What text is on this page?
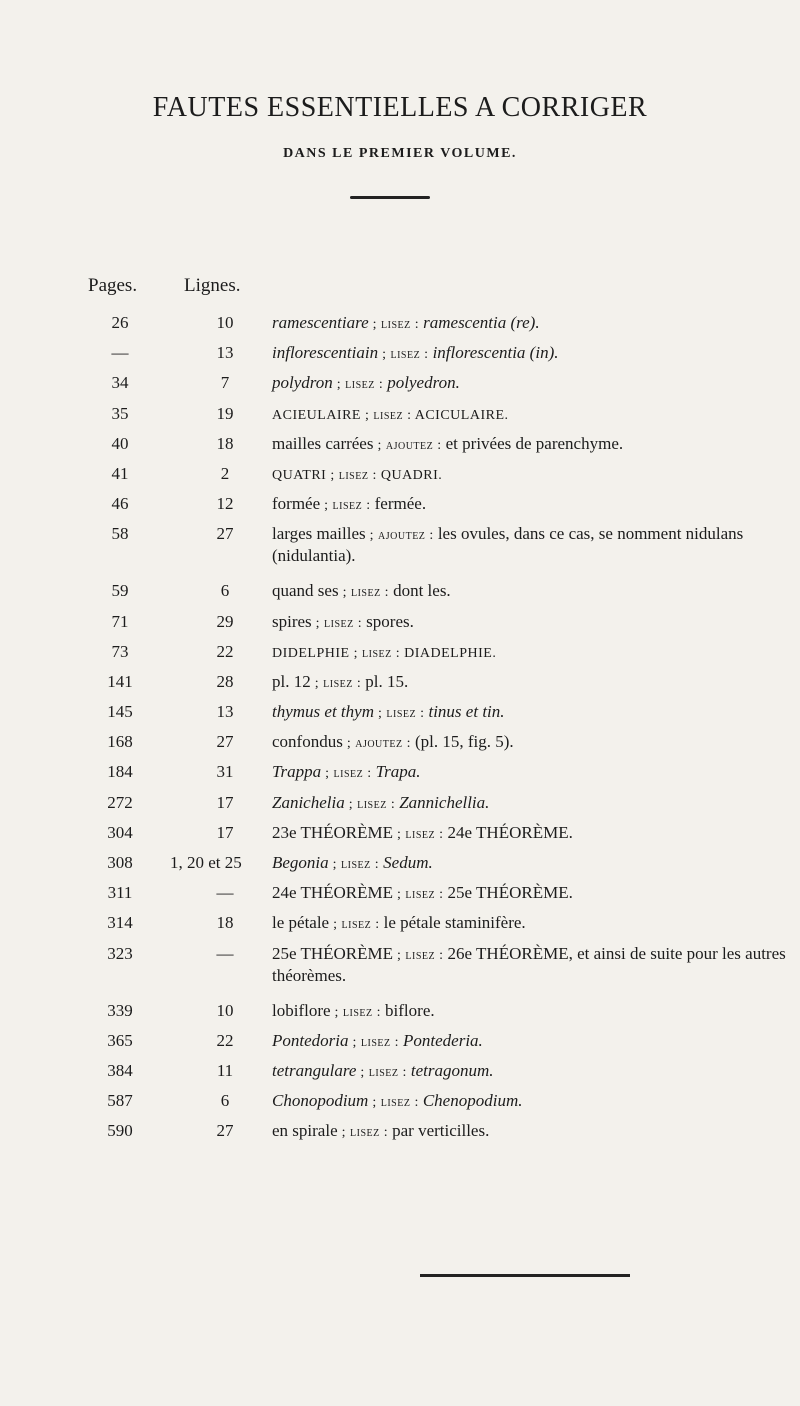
FAUTES ESSENTIELLES A CORRIGER
DANS LE PREMIER VOLUME.
Pages. Lignes.
26	10	ramescentiare ; lisez : ramescentia (re).
—	13	inflorescentiain ; lisez : inflorescentia (in).
34	7	polydron ; lisez : polyedron.
35	19	ACIEULAIRE ; lisez : ACICULAIRE.
40	18	mailles carrées ; ajoutez : et privées de parenchyme.
41	2	QUATRI ; lisez : QUADRI.
46	12	formée ; lisez : fermée.
58	27	larges mailles ; ajoutez : les ovules, dans ce cas, se nomment nidulans (nidulantia).
59	6	quand ses ; lisez : dont les.
71	29	spires ; lisez : spores.
73	22	DIDELPHIE ; lisez : DIADELPHIE.
141	28	pl. 12 ; lisez : pl. 15.
145	13	thymus et thym ; lisez : tinus et tin.
168	27	confondus ; ajoutez : (pl. 15, fig. 5).
184	31	Trappa ; lisez : Trapa.
272	17	Zanichelia ; lisez : Zannichellia.
304	17	23e THÉORÈME ; lisez : 24e THÉORÈME.
308	1, 20 et 25	Begonia ; lisez : Sedum.
311	—	24e THÉORÈME ; lisez : 25e THÉORÈME.
314	18	le pétale ; lisez : le pétale staminifère.
323	—	25e THÉORÈME ; lisez : 26e THÉORÈME, et ainsi de suite pour les autres théorèmes.
339	10	lobiflore ; lisez : biflore.
365	22	Pontedoria ; lisez : Pontederia.
384	11	tetrangulare ; lisez : tetragonum.
587	6	Chonopodium ; lisez : Chenopodium.
590	27	en spirale ; lisez : par verticilles.
